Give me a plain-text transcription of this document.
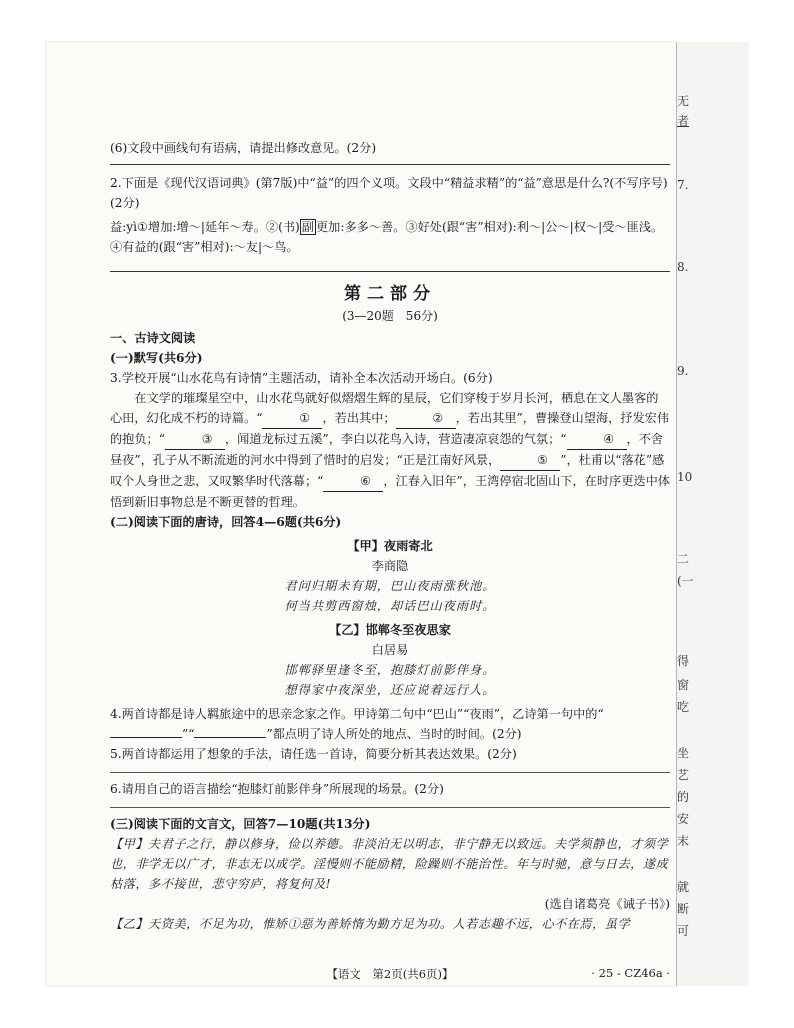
(6)文段中画线句有语病，请提出修改意见。(2分)

2.下面是《现代汉语词典》(第7版)中“益”的四个义项。文段中“精益求精”的“益”意思是什么?(不写序号)(2分)

益:yì①增加:增～|延年～寿。②(书) 副 更加:多多～善。③好处(跟“害”相对):利～|公～|权～|受～匪浅。④有益的(跟“害”相对):～友|～鸟。

第二部分
(3—20题　56分)

一、古诗文阅读

(一)默写(共6分)

3.学校开展“山水花鸟有诗情”主题活动，请补全本次活动开场白。(6分)

在文学的璀璨星空中，山水花鸟就好似熠熠生辉的星辰，它们穿梭于岁月长河，栖息在文人墨客的心田，幻化成不朽的诗篇。“	① ，若出其中；	② ，若出其里”，曹操登山望海，抒发宏伟的抱负；“	③ ，闻道龙标过五溪”，李白以花鸟入诗，营造凄凉哀怨的气氛；“	④ ，不舍昼夜”，孔子从不断流逝的河水中得到了惜时的启发；“正是江南好风景，	⑤ ”，杜甫以“落花”感叹个人身世之悲，又叹繁华时代落幕；“	⑥ ，江春入旧年”，王湾停宿北固山下，在时序更迭中体悟到新旧事物总是不断更替的哲理。

(二)阅读下面的唐诗，回答4—6题(共6分)

【甲】夜雨寄北
李商隐
君问归期未有期，巴山夜雨涨秋池。
何当共剪西窗烛，却话巴山夜雨时。
【乙】邯郸冬至夜思家
白居易
邯郸驿里逢冬至，抱膝灯前影伴身。
想得家中夜深坐，还应说着远行人。

4.两首诗都是诗人羁旅途中的思亲念家之作。甲诗第二句中“巴山”“夜雨”，乙诗第一句中的“”“	”都点明了诗人所处的地点、当时的时间。(2分)

5.两首诗都运用了想象的手法，请任选一首诗，简要分析其表达效果。(2分)

6.请用自己的语言描绘“抱膝灯前影伴身”所展现的场景。(2分)

(三)阅读下面的文言文，回答7—10题(共13分)

【甲】夫君子之行，静以修身，俭以养德。非淡泊无以明志，非宁静无以致远。夫学须静也，才须学也，非学无以广才，非志无以成学。淫慢则不能励精，险躁则不能治性。年与时驰，意与日去，遂成枯落，多不接世，悲守穷庐，将复何及!

(选自诸葛亮《诫子书》)

【乙】天资美，不足为功，惟矫①惡为善矫惰为勤方足为功。人若志趣不远，心不在焉，虽学

【语文　第2页(共6页)】	· 25 - CZ46a ·
无
者
7.
8.
9.
10
二
(一
得
窗
吃
坐
艺
的
安
末
就
断
可
